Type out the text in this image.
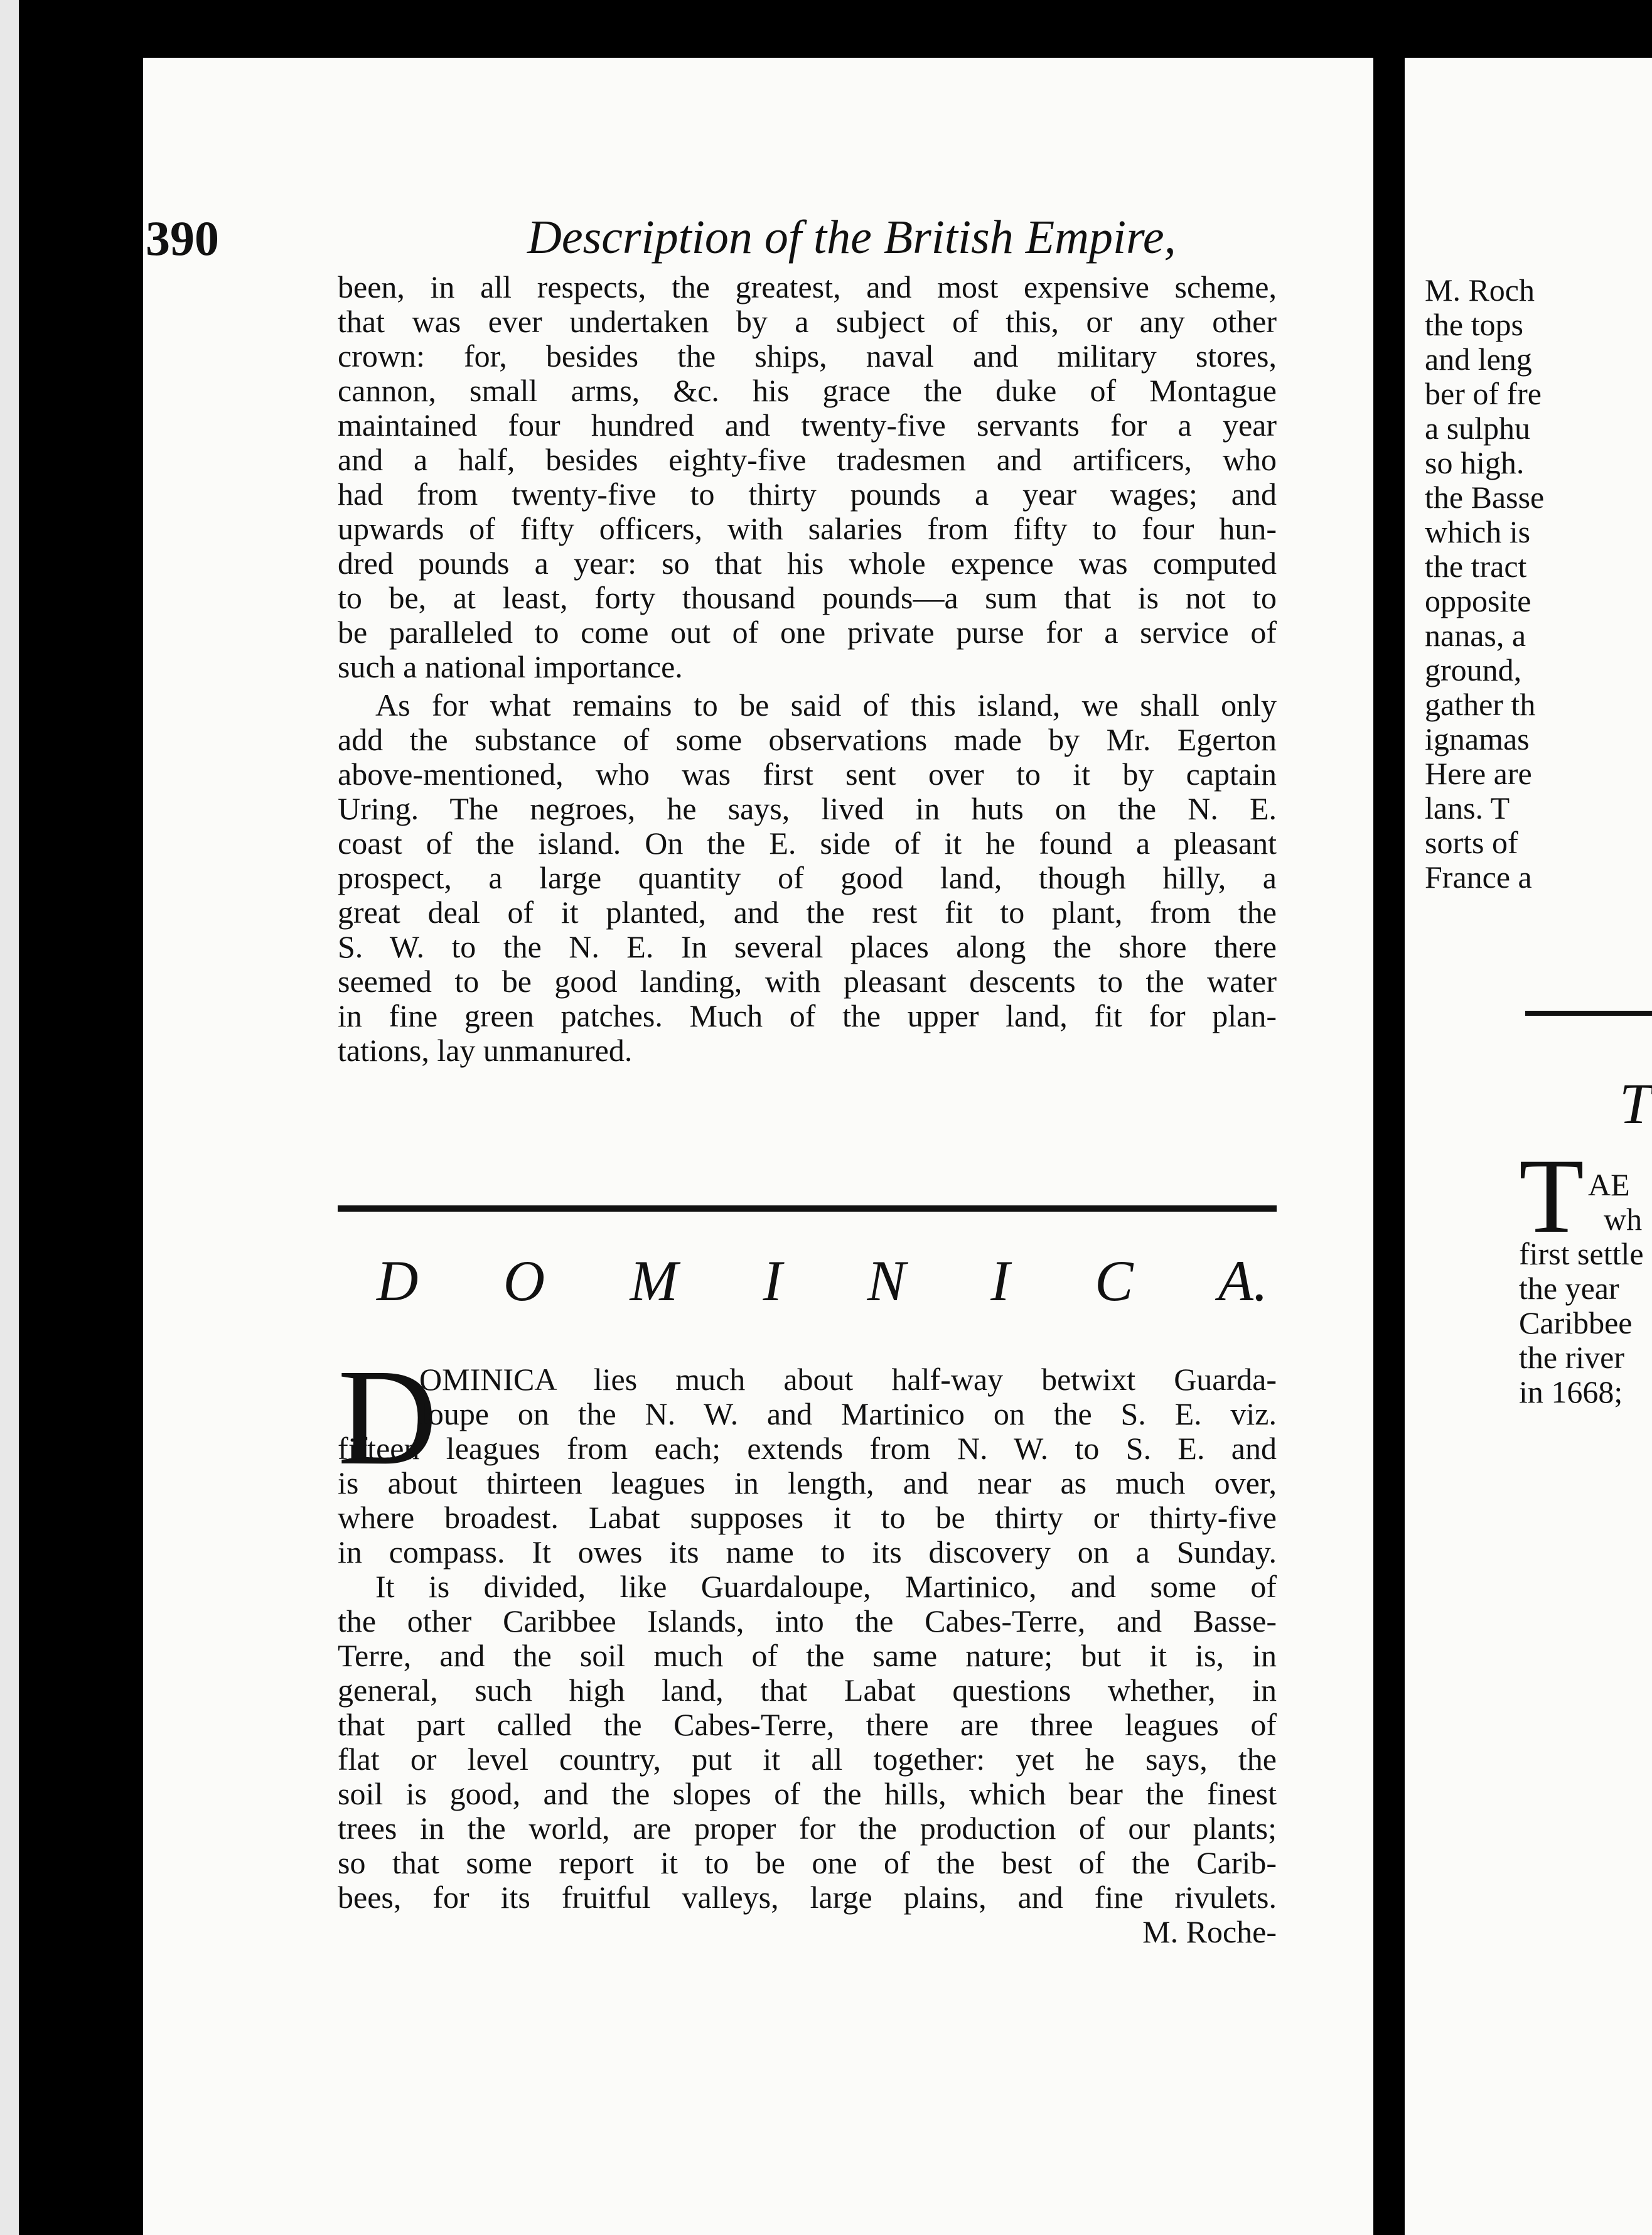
390	Description of the British Empire,
been, in all respects, the greatest, and most expensive scheme,
that was ever undertaken by a subject of this, or any other
crown: for, besides the ships, naval and military stores,
cannon, small arms, &c. his grace the duke of Montague
maintained four hundred and twenty-five servants for a year
and a half, besides eighty-five tradesmen and artificers, who
had from twenty-five to thirty pounds a year wages; and
upwards of fifty officers, with salaries from fifty to four hun-
dred pounds a year: so that his whole expence was computed
to be, at least, forty thousand pounds—a sum that is not to
be paralleled to come out of one private purse for a service of
such a national importance.
As for what remains to be said of this island, we shall only
add the substance of some observations made by Mr. Egerton
above-mentioned, who was first sent over to it by captain
Uring. The negroes, he says, lived in huts on the N. E.
coast of the island. On the E. side of it he found a pleasant
prospect, a large quantity of good land, though hilly, a
great deal of it planted, and the rest fit to plant, from the
S. W. to the N. E. In several places along the shore there
seemed to be good landing, with pleasant descents to the water
in fine green patches. Much of the upper land, fit for plan-
tations, lay unmanured.
D O M I N I C A.
D
OMINICA lies much about half-way betwixt Guarda-
loupe on the N. W. and Martinico on the S. E. viz.
fifteen leagues from each; extends from N. W. to S. E. and
is about thirteen leagues in length, and near as much over,
where broadest. Labat supposes it to be thirty or thirty-five
in compass. It owes its name to its discovery on a Sunday.
It is divided, like Guardaloupe, Martinico, and some of
the other Caribbee Islands, into the Cabes-Terre, and Basse-
Terre, and the soil much of the same nature; but it is, in
general, such high land, that Labat questions whether, in
that part called the Cabes-Terre, there are three leagues of
flat or level country, put it all together: yet he says, the
soil is good, and the slopes of the hills, which bear the finest
trees in the world, are proper for the production of our plants;
so that some report it to be one of the best of the Carib-
bees, for its fruitful valleys, large plains, and fine rivulets.
M. Roche-
M. Roch
the tops
and leng
ber of fre
a sulphu
so high.
the Basse
which is
the tract
opposite
nanas, a
ground,
gather th
ignamas
Here are
lans. T
sorts of
France a
T
T AE
wh
first settle
the year
Caribbee
the river
in 1668;
